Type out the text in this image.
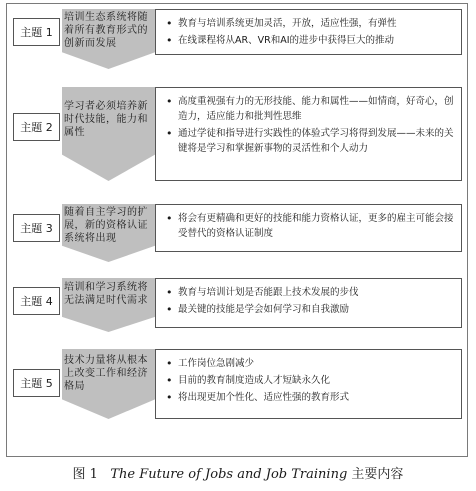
主题 1
培训生态系统将随着所有教育形式的创新而发展
• 教育与培训系统更加灵活，开放，适应性强，有弹性
• 在线课程将从AR、VR和AI的进步中获得巨大的推动
主题 2
学习者必须培养新时代技能，能力和属性
• 高度重视强有力的无形技能、能力和属性——如情商，好奇心，创造力，适应能力和批判性思维
• 通过学徒和指导进行实践性的体验式学习将得到发展——未来的关键将是学习和掌握新事物的灵活性和个人动力
主题 3
随着自主学习的扩展，新的资格认证系统将出现
• 将会有更精确和更好的技能和能力资格认证，更多的雇主可能会接受替代的资格认证制度
主题 4
培训和学习系统将无法满足时代需求
• 教育与培训计划是否能跟上技术发展的步伐
• 最关键的技能是学会如何学习和自我激励
主题 5
技术力量将从根本上改变工作和经济格局
• 工作岗位急剧减少
• 目前的教育制度造成人才短缺永久化
• 将出现更加个性化、适应性强的教育形式
图 1 The Future of Jobs and Job Training 主要内容
